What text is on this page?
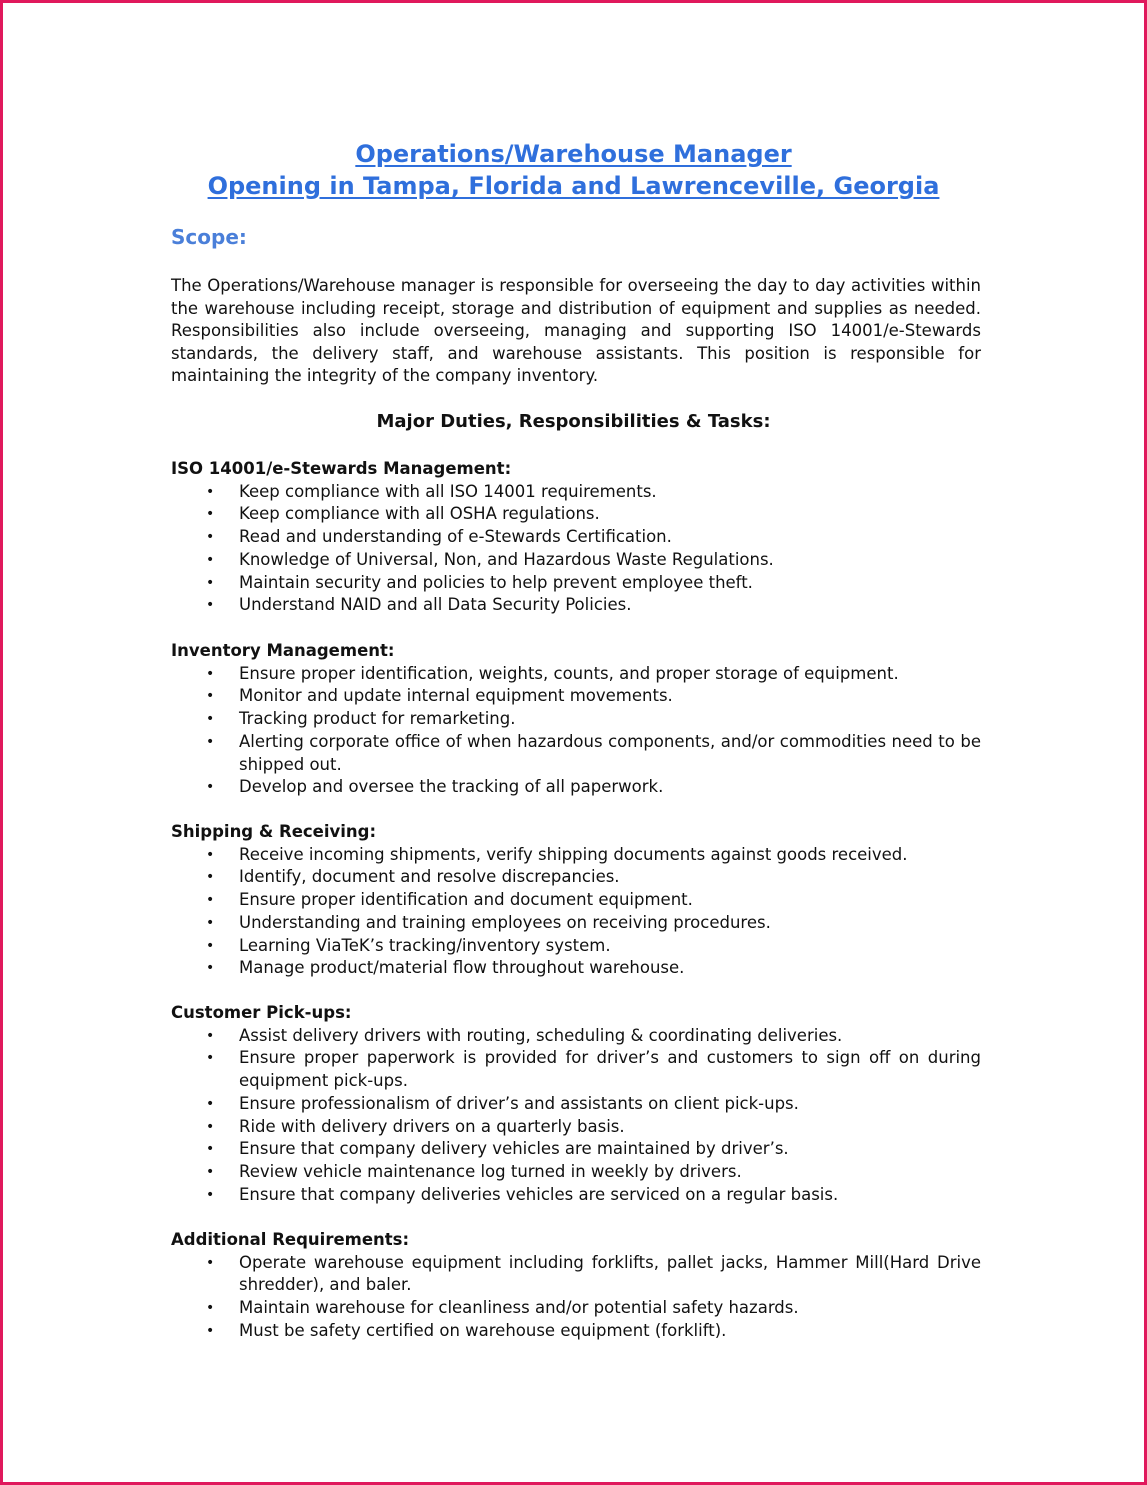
Operations/Warehouse Manager
Opening in Tampa, Florida and Lawrenceville, Georgia
Scope:

The Operations/Warehouse manager is responsible for overseeing the day to day activities within the warehouse including receipt, storage and distribution of equipment and supplies as needed. Responsibilities also include overseeing, managing and supporting ISO 14001/e-Stewards standards, the delivery staff, and warehouse assistants. This position is responsible for maintaining the integrity of the company inventory.

Major Duties, Responsibilities & Tasks:

ISO 14001/e-Stewards Management:

• Keep compliance with all ISO 14001 requirements.
• Keep compliance with all OSHA regulations.
• Read and understanding of e-Stewards Certification.
• Knowledge of Universal, Non, and Hazardous Waste Regulations.
• Maintain security and policies to help prevent employee theft.
• Understand NAID and all Data Security Policies.

Inventory Management:

• Ensure proper identification, weights, counts, and proper storage of equipment.
• Monitor and update internal equipment movements.
• Tracking product for remarketing.
• Alerting corporate office of when hazardous components, and/or commodities need to be shipped out.
• Develop and oversee the tracking of all paperwork.

Shipping & Receiving:

• Receive incoming shipments, verify shipping documents against goods received.
• Identify, document and resolve discrepancies.
• Ensure proper identification and document equipment.
• Understanding and training employees on receiving procedures.
• Learning ViaTeK’s tracking/inventory system.
• Manage product/material flow throughout warehouse.

Customer Pick-ups:

• Assist delivery drivers with routing, scheduling & coordinating deliveries.
• Ensure proper paperwork is provided for driver’s and customers to sign off on during equipment pick-ups.
• Ensure professionalism of driver’s and assistants on client pick-ups.
• Ride with delivery drivers on a quarterly basis.
• Ensure that company delivery vehicles are maintained by driver’s.
• Review vehicle maintenance log turned in weekly by drivers.
• Ensure that company deliveries vehicles are serviced on a regular basis.

Additional Requirements:

• Operate warehouse equipment including forklifts, pallet jacks, Hammer Mill(Hard Drive shredder), and baler.
• Maintain warehouse for cleanliness and/or potential safety hazards.
• Must be safety certified on warehouse equipment (forklift).
